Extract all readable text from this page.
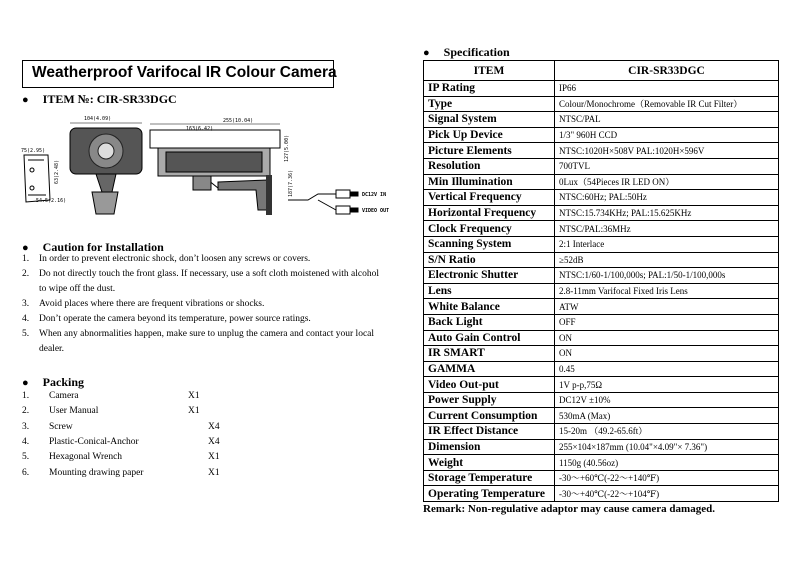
Weatherproof Varifocal IR Colour Camera
● ITEM №: CIR-SR33DGC
75(2.95)
54.5(2.16)
104(4.09)
63(2.48)
255(10.04)
163(6.42)
127(5.00)
187(7.36)	DC12V IN
VIDEO OUT
● Caution for Installation
1. In order to prevent electronic shock, don’t loosen any screws or covers.
2. Do not directly touch the front glass. If necessary, use a soft cloth moistened with alcohol to wipe off the dust.
3. Avoid places where there are frequent vibrations or shocks.
4. Don’t operate the camera beyond its temperature, power source ratings.
5. When any abnormalities happen, make sure to unplug the camera and contact your local dealer.
● Packing
1. Camera	X1
2. User Manual	X1
3. Screw	X4
4. Plastic-Conical-Anchor	X4
5. Hexagonal Wrench	X1
6. Mounting drawing paper	X1
● Specification
ITEM	CIR-SR33DGC
IP Rating	IP66
Type	Colour/Monochrome（Removable IR Cut Filter）
Signal System	NTSC/PAL
Pick Up Device	1/3" 960H CCD
Picture Elements	NTSC:1020H×508V PAL:1020H×596V
Resolution	700TVL
Min Illumination	0Lux（54Pieces IR LED ON）
Vertical Frequency	NTSC:60Hz; PAL:50Hz
Horizontal Frequency	NTSC:15.734KHz; PAL:15.625KHz
Clock Frequency	NTSC/PAL:36MHz
Scanning System	2:1 Interlace
S/N Ratio	≥52dB
Electronic Shutter	NTSC:1/60-1/100,000s; PAL:1/50-1/100,000s
Lens	2.8-11mm Varifocal Fixed Iris Lens
White Balance	ATW
Back Light	OFF
Auto Gain Control	ON
IR SMART	ON
GAMMA	0.45
Video Out-put	1V p-p,75Ω
Power Supply	DC12V ±10%
Current Consumption	530mA (Max)
IR Effect Distance	15-20m （49.2-65.6ft）
Dimension	255×104×187mm (10.04"×4.09"× 7.36")
Weight	1150g (40.56oz)
Storage Temperature	-30～+60℃(-22～+140℉)
Operating Temperature	-30～+40℃(-22～+104℉)
Remark: Non-regulative adaptor may cause camera damaged.
